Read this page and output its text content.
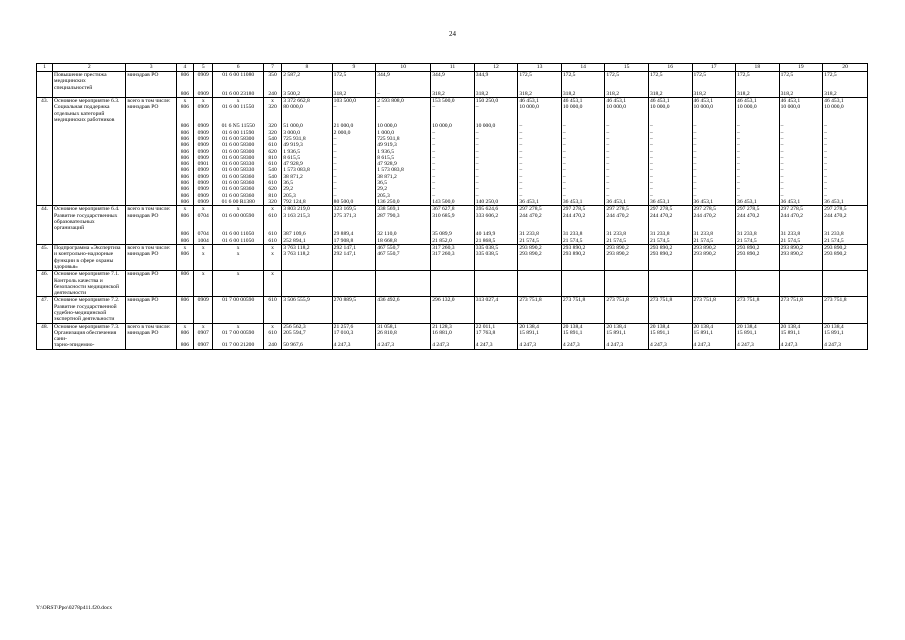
24
1	2	3	4	5	6	7	8	9	10	11	12	13	14	15	16	17	18	19	20
	Повышение престижа медицинских специальностей	минздрав РО	806	0909	01 6 00 11080	350	2 587,2	172,5	344,9	344,9	344,9	172,5	172,5	172,5	172,5	172,5	172,5	172,5	172,5
			806	0909	01 6 00 23180	240	3 500,2	318,2	–	318,2	318,2	318,2	318,2	318,2	318,2	318,2	318,2	318,2	318,2
43.	Основное мероприятие 6.3.	всего в том числе:	x	x	x	x	3 372 662,8	103 500,0	2 593 808,0	153 500,0	150 250,0	46 453,1	46 453,1	46 453,1	46 453,1	46 453,1	46 453,1	46 453,1	46 453,1
	Социальная поддержка отдельных категорий медицинских работников	минздрав РО	806	0909	01 6 00 11550	320	80 000,0	–	–	–	–	10 000,0	10 000,0	10 000,0	10 000,0	10 000,0	10 000,0	10 000,0	10 000,0
			806	0909	01 6 N5 11550	320	51 000,0	21 000,0	10 000,0	10 000,0	10 000,0	–	–	–	–	–	–	–	–
			806	0909	01 6 00 11590	320	3 000,0	2 000,0	1 000,0	–	–	–	–	–	–	–	–	–	–
			806	0909	01 6 00 58300	540	725 931,8	–	725 931,8	–	–	–	–	–	–	–	–	–	–
			806	0909	01 6 00 58300	610	49 919,3	–	49 919,3	–	–	–	–	–	–	–	–	–	–
			806	0909	01 6 00 58300	620	1 936,5	–	1 936,5	–	–	–	–	–	–	–	–	–	–
			806	0909	01 6 00 58300	810	8 615,5	–	8 615,5	–	–	–	–	–	–	–	–	–	–
			806	0901	01 6 00 58330	610	47 928,9	–	47 928,9	–	–	–	–	–	–	–	–	–	–
			806	0909	01 6 00 58330	540	1 573 083,8	–	1 573 083,8	–	–	–	–	–	–	–	–	–	–
			806	0909	01 6 00 58360	540	38 871,2	–	38 871,2	–	–	–	–	–	–	–	–	–	–
			806	0909	01 6 00 58360	610	36,5	–	36,5	–	–	–	–	–	–	–	–	–	–
			806	0909	01 6 00 58360	620	29,2	–	29,2	–	–	–	–	–	–	–	–	–	–
			806	0909	01 6 00 58360	810	205,3	–	205,3	–	–	–	–	–	–	–	–	–	–
			806	0909	01 6 00 R1380	320	792 124,8	80 500,0	136 250,0	143 500,0	140 250,0	36 453,1	36 453,1	36 453,1	36 453,1	36 453,1	36 453,1	36 453,1	36 453,1
44.	Основное мероприятие 6.4.	всего в том числе:	x	x	x	x	3 803 219,0	323 169,5	338 569,1	367 627,8	395 624,6	297 278,5	297 278,5	297 278,5	297 278,5	297 278,5	297 278,5	297 278,5	297 278,5
	Развитие государственных образовательных организаций	минздрав РО	806	0704	01 6 00 00590	610	3 163 215,3	275 371,3	287 790,3	310 685,9	333 606,2	244 470,2	244 470,2	244 470,2	244 470,2	244 470,2	244 470,2	244 470,2	244 470,2
			806	0704	01 6 00 11050	610	387 109,6	29 889,4	32 110,0	35 089,9	40 149,9	31 233,8	31 233,8	31 233,8	31 233,8	31 233,8	31 233,8	31 233,8	31 233,8
			806	1004	01 6 00 11050	610	252 894,1	17 908,8	18 668,8	21 852,0	21 868,5	21 574,5	21 574,5	21 574,5	21 574,5	21 574,5	21 574,5	21 574,5	21 574,5
45.	Подпрограмма «Экспертиза	всего в том числе:	x	x	x	x	3 763 118,2	292 147,1	467 550,7	317 260,3	335 038,5	293 890,2	293 890,2	293 890,2	293 890,2	293 890,2	293 890,2	293 890,2	293 890,2
	и контрольно-надзорные функции в сфере охраны здоровья»	минздрав РО	806	x	x	x	3 763 118,2	292 147,1	467 550,7	317 260,3	335 038,5	293 890,2	293 890,2	293 890,2	293 890,2	293 890,2	293 890,2	293 890,2	293 890,2
46.	Основное мероприятие 7.1. Контроль качества и безопасности медицинской деятельности	минздрав РО	806	x	x	x													
47.	Основное мероприятие 7.2. Развитие государственной судебно-медицинской экспертной деятельности	минздрав РО	806	0909	01 7 00 00590	610	3 506 555,9	270 889,5	436 492,6	296 132,0	313 027,4	273 751,8	273 751,8	273 751,8	273 751,8	273 751,8	273 751,8	273 751,8	273 751,8
48.	Основное мероприятие 7.3.	всего в том числе:	x	x	x	x	256 562,3	21 257,6	31 058,1	21 128,3	22 011,1	20 138,4	20 138,4	20 138,4	20 138,4	20 138,4	20 138,4	20 138,4	20 138,4
	Организация обеспечения сани-	минздрав РО	806	0907	01 7 00 00590	610	205 594,7	17 010,3	26 810,8	16 881,0	17 763,8	15 891,1	15 891,1	15 891,1	15 891,1	15 891,1	15 891,1	15 891,1	15 891,1
	тарно-эпидемио-		806	0907	01 7 00 21200	240	50 967,6	4 247,3	4 247,3	4 247,3	4 247,3	4 247,3	4 247,3	4 247,3	4 247,3	4 247,3	4 247,3	4 247,3	4 247,3
Y:\ORST\Ppo\0278p411.f20.docx
